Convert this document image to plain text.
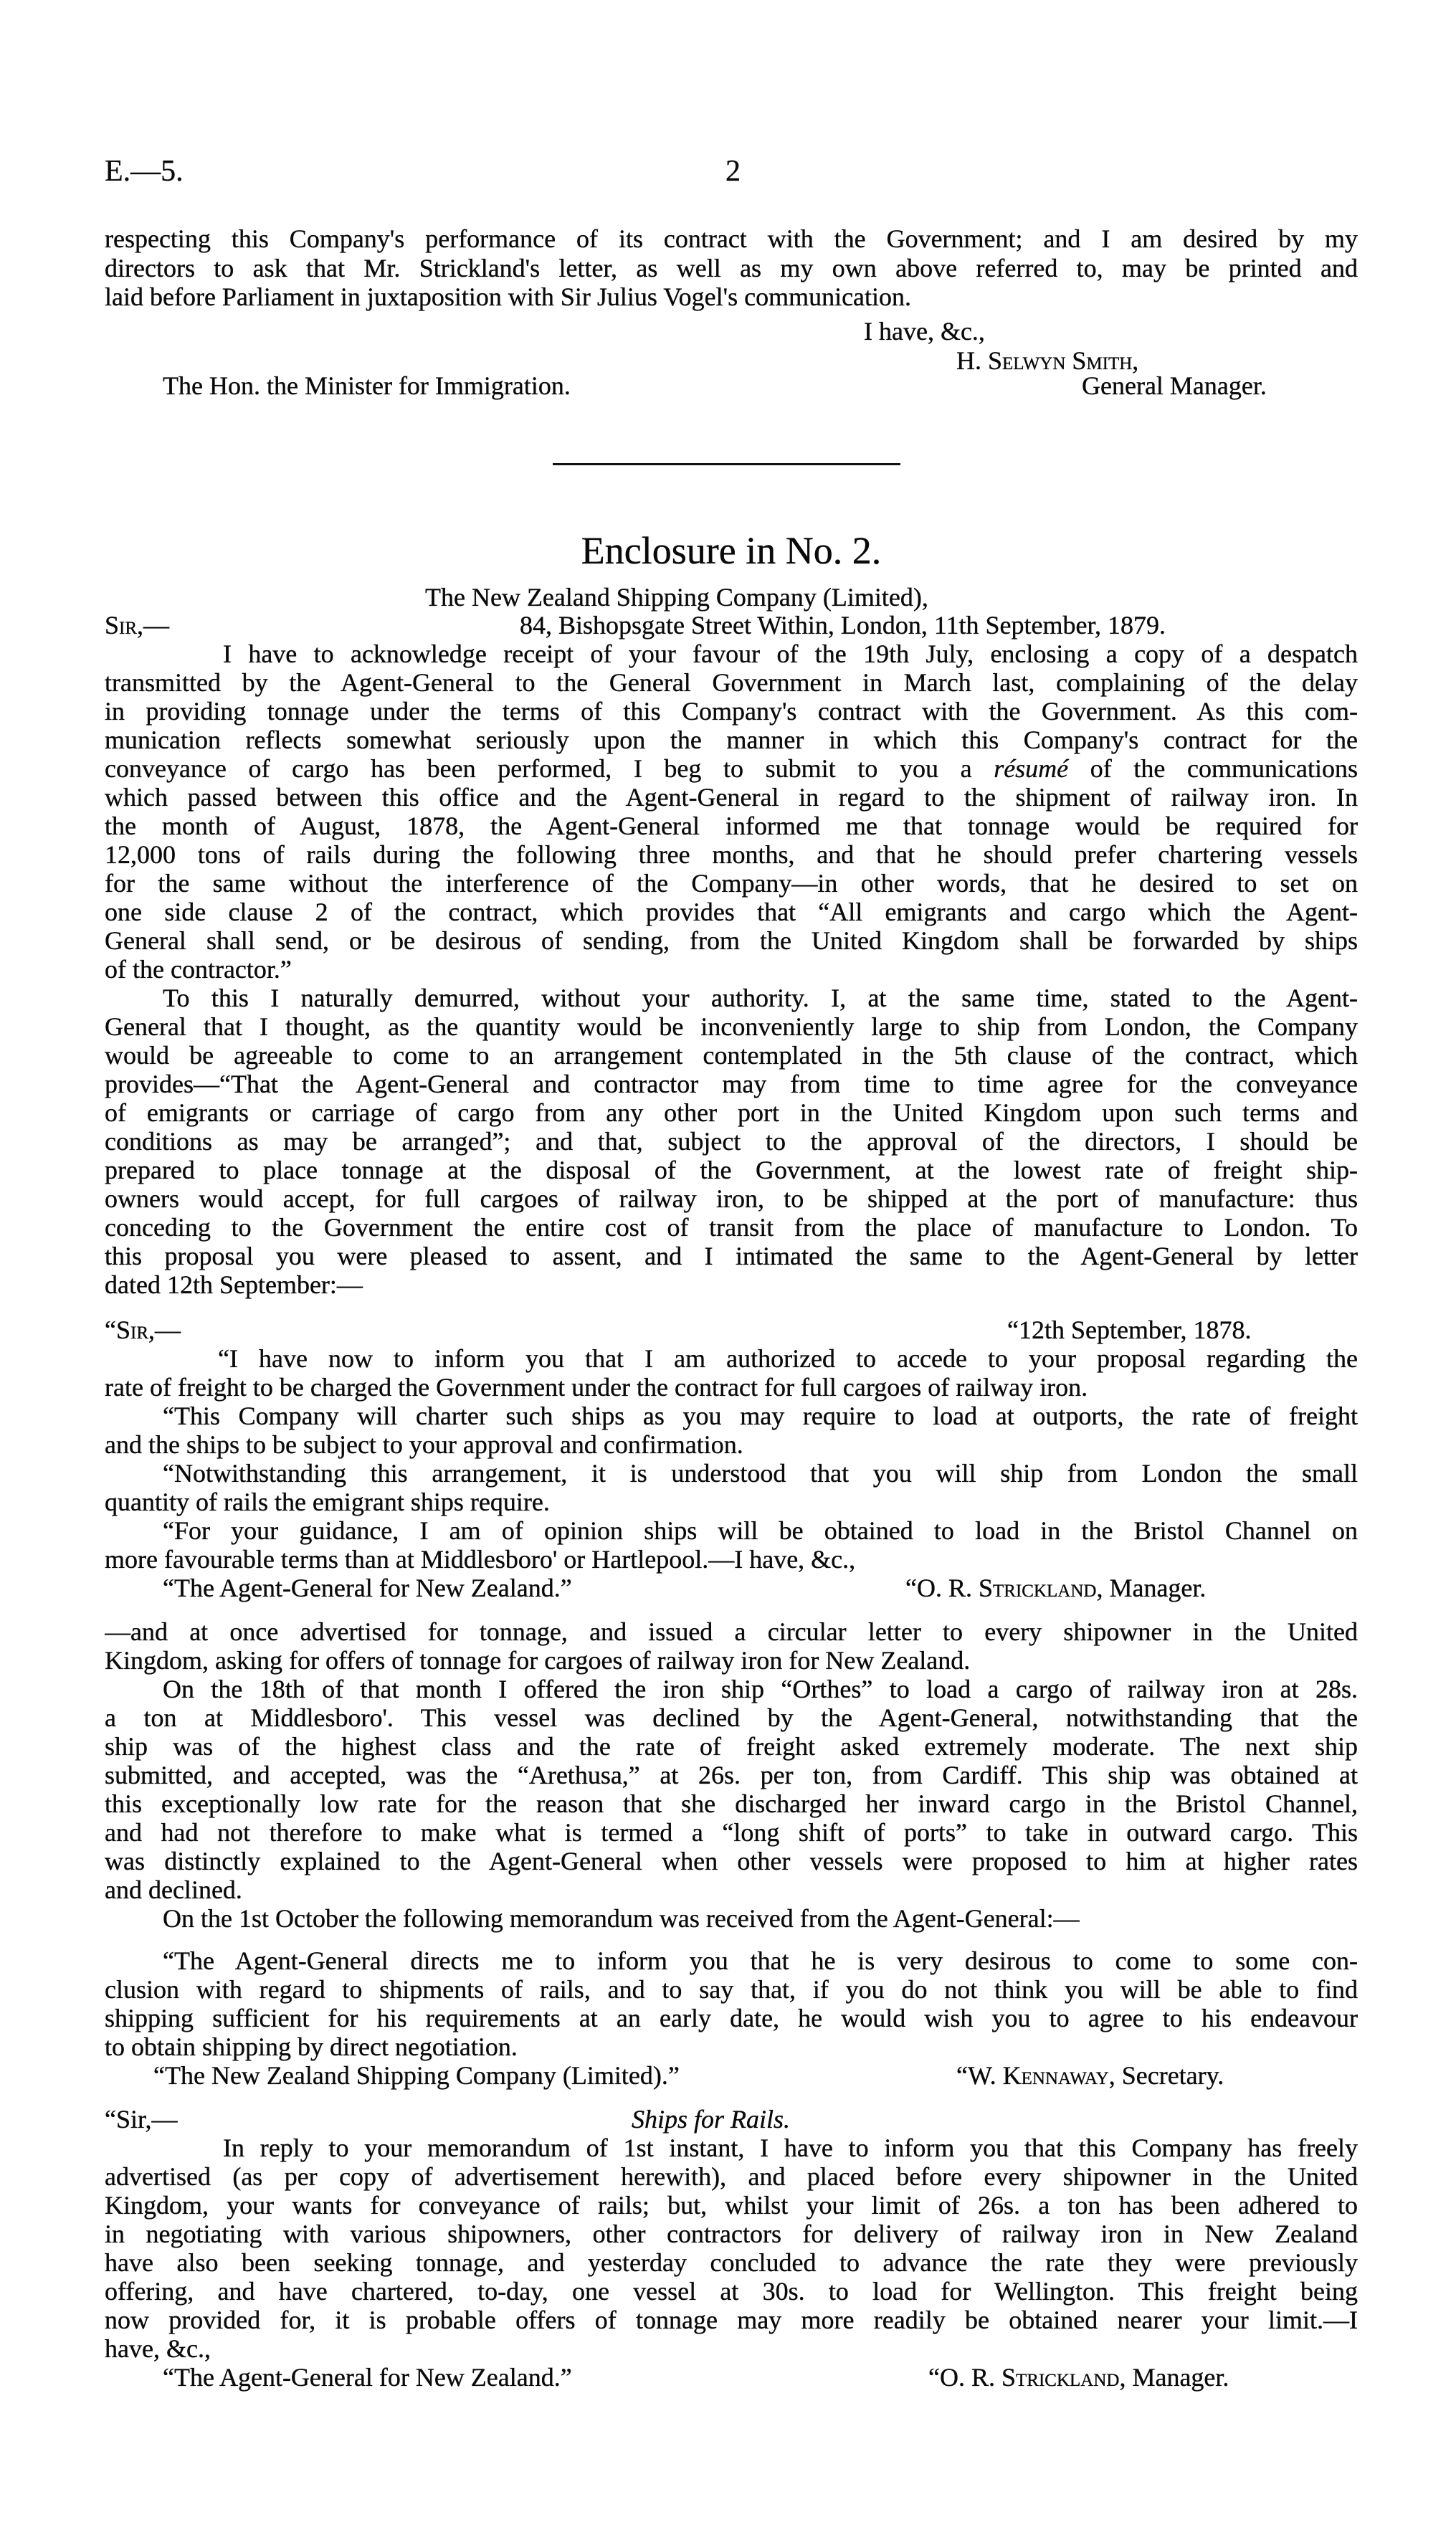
E.—5.	2
respecting this Company's performance of its contract with the Government; and I am desired by my
directors to ask that Mr. Strickland's letter, as well as my own above referred to, may be printed and
laid before Parliament in juxtaposition with Sir Julius Vogel's communication.
I have, &c.,
H. Selwyn Smith,
The Hon. the Minister for Immigration.	General Manager.
Enclosure in No. 2.
The New Zealand Shipping Company (Limited),
Sir,—	84, Bishopsgate Street Within, London, 11th September, 1879.
I have to acknowledge receipt of your favour of the 19th July, enclosing a copy of a despatch
transmitted by the Agent-General to the General Government in March last, complaining of the delay
in providing tonnage under the terms of this Company's contract with the Government. As this com-
munication reflects somewhat seriously upon the manner in which this Company's contract for the
conveyance of cargo has been performed, I beg to submit to you a résumé of the communications
which passed between this office and the Agent-General in regard to the shipment of railway iron. In
the month of August, 1878, the Agent-General informed me that tonnage would be required for
12,000 tons of rails during the following three months, and that he should prefer chartering vessels
for the same without the interference of the Company—in other words, that he desired to set on
one side clause 2 of the contract, which provides that “All emigrants and cargo which the Agent-
General shall send, or be desirous of sending, from the United Kingdom shall be forwarded by ships
of the contractor.”
To this I naturally demurred, without your authority. I, at the same time, stated to the Agent-
General that I thought, as the quantity would be inconveniently large to ship from London, the Company
would be agreeable to come to an arrangement contemplated in the 5th clause of the contract, which
provides—“That the Agent-General and contractor may from time to time agree for the conveyance
of emigrants or carriage of cargo from any other port in the United Kingdom upon such terms and
conditions as may be arranged”; and that, subject to the approval of the directors, I should be
prepared to place tonnage at the disposal of the Government, at the lowest rate of freight ship-
owners would accept, for full cargoes of railway iron, to be shipped at the port of manufacture: thus
conceding to the Government the entire cost of transit from the place of manufacture to London. To
this proposal you were pleased to assent, and I intimated the same to the Agent-General by letter
dated 12th September:—
“Sir,—	“12th September, 1878.
“I have now to inform you that I am authorized to accede to your proposal regarding the
rate of freight to be charged the Government under the contract for full cargoes of railway iron.
“This Company will charter such ships as you may require to load at outports, the rate of freight
and the ships to be subject to your approval and confirmation.
“Notwithstanding this arrangement, it is understood that you will ship from London the small
quantity of rails the emigrant ships require.
“For your guidance, I am of opinion ships will be obtained to load in the Bristol Channel on
more favourable terms than at Middlesboro' or Hartlepool.—I have, &c.,
“The Agent-General for New Zealand.”	“O. R. Strickland, Manager.
—and at once advertised for tonnage, and issued a circular letter to every shipowner in the United
Kingdom, asking for offers of tonnage for cargoes of railway iron for New Zealand.
On the 18th of that month I offered the iron ship “Orthes” to load a cargo of railway iron at 28s.
a ton at Middlesboro'. This vessel was declined by the Agent-General, notwithstanding that the
ship was of the highest class and the rate of freight asked extremely moderate. The next ship
submitted, and accepted, was the “Arethusa,” at 26s. per ton, from Cardiff. This ship was obtained at
this exceptionally low rate for the reason that she discharged her inward cargo in the Bristol Channel,
and had not therefore to make what is termed a “long shift of ports” to take in outward cargo. This
was distinctly explained to the Agent-General when other vessels were proposed to him at higher rates
and declined.
On the 1st October the following memorandum was received from the Agent-General:—
“The Agent-General directs me to inform you that he is very desirous to come to some con-
clusion with regard to shipments of rails, and to say that, if you do not think you will be able to find
shipping sufficient for his requirements at an early date, he would wish you to agree to his endeavour
to obtain shipping by direct negotiation.
“The New Zealand Shipping Company (Limited).”	“W. Kennaway, Secretary.
“Sir,—	Ships for Rails.
In reply to your memorandum of 1st instant, I have to inform you that this Company has freely
advertised (as per copy of advertisement herewith), and placed before every shipowner in the United
Kingdom, your wants for conveyance of rails; but, whilst your limit of 26s. a ton has been adhered to
in negotiating with various shipowners, other contractors for delivery of railway iron in New Zealand
have also been seeking tonnage, and yesterday concluded to advance the rate they were previously
offering, and have chartered, to-day, one vessel at 30s. to load for Wellington. This freight being
now provided for, it is probable offers of tonnage may more readily be obtained nearer your limit.—I
have, &c.,
“The Agent-General for New Zealand.”	“O. R. Strickland, Manager.
